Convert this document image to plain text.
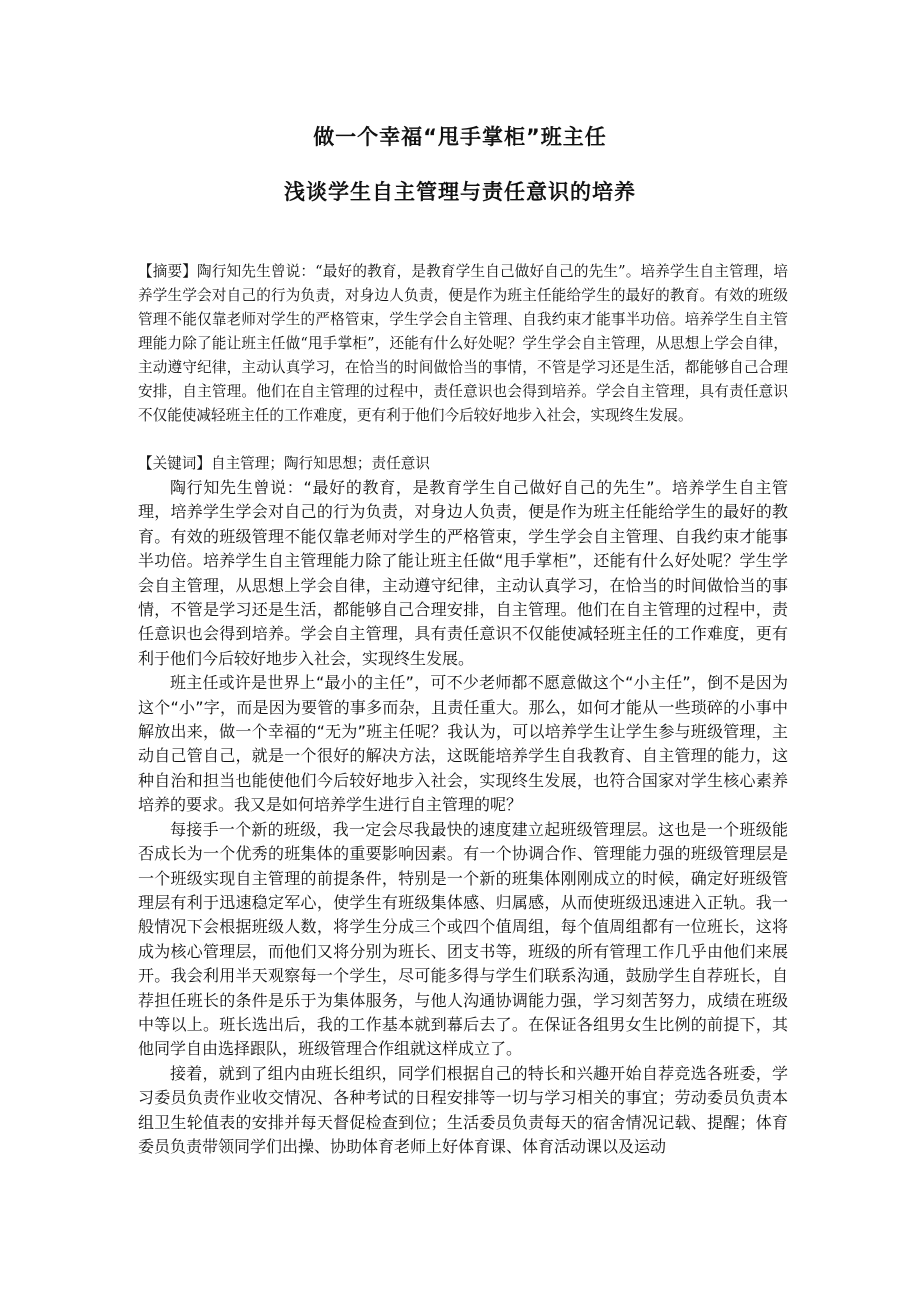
做一个幸福“甩手掌柜”班主任
浅谈学生自主管理与责任意识的培养

【摘要】陶行知先生曾说：“最好的教育，是教育学生自己做好自己的先生”。培养学生自主管理，培养学生学会对自己的行为负责，对身边人负责，便是作为班主任能给学生的最好的教育。有效的班级管理不能仅靠老师对学生的严格管束，学生学会自主管理、自我约束才能事半功倍。培养学生自主管理能力除了能让班主任做“甩手掌柜”，还能有什么好处呢？学生学会自主管理，从思想上学会自律，主动遵守纪律，主动认真学习，在恰当的时间做恰当的事情，不管是学习还是生活，都能够自己合理安排，自主管理。他们在自主管理的过程中，责任意识也会得到培养。学会自主管理，具有责任意识不仅能使减轻班主任的工作难度，更有利于他们今后较好地步入社会，实现终生发展。

【关键词】自主管理；陶行知思想；责任意识

陶行知先生曾说：“最好的教育，是教育学生自己做好自己的先生”。培养学生自主管理，培养学生学会对自己的行为负责，对身边人负责，便是作为班主任能给学生的最好的教育。有效的班级管理不能仅靠老师对学生的严格管束，学生学会自主管理、自我约束才能事半功倍。培养学生自主管理能力除了能让班主任做“甩手掌柜”，还能有什么好处呢？学生学会自主管理，从思想上学会自律，主动遵守纪律，主动认真学习，在恰当的时间做恰当的事情，不管是学习还是生活，都能够自己合理安排，自主管理。他们在自主管理的过程中，责任意识也会得到培养。学会自主管理，具有责任意识不仅能使减轻班主任的工作难度，更有利于他们今后较好地步入社会，实现终生发展。

班主任或许是世界上“最小的主任”，可不少老师都不愿意做这个“小主任”，倒不是因为这个“小”字，而是因为要管的事多而杂，且责任重大。那么，如何才能从一些琐碎的小事中解放出来，做一个幸福的“无为”班主任呢？我认为，可以培养学生让学生参与班级管理，主动自己管自己，就是一个很好的解决方法，这既能培养学生自我教育、自主管理的能力，这种自治和担当也能使他们今后较好地步入社会，实现终生发展，也符合国家对学生核心素养培养的要求。我又是如何培养学生进行自主管理的呢？

每接手一个新的班级，我一定会尽我最快的速度建立起班级管理层。这也是一个班级能否成长为一个优秀的班集体的重要影响因素。有一个协调合作、管理能力强的班级管理层是一个班级实现自主管理的前提条件，特别是一个新的班集体刚刚成立的时候，确定好班级管理层有利于迅速稳定军心，使学生有班级集体感、归属感，从而使班级迅速进入正轨。我一般情况下会根据班级人数，将学生分成三个或四个值周组，每个值周组都有一位班长，这将成为核心管理层，而他们又将分别为班长、团支书等，班级的所有管理工作几乎由他们来展开。我会利用半天观察每一个学生，尽可能多得与学生们联系沟通，鼓励学生自荐班长，自荐担任班长的条件是乐于为集体服务，与他人沟通协调能力强，学习刻苦努力，成绩在班级中等以上。班长选出后，我的工作基本就到幕后去了。在保证各组男女生比例的前提下，其他同学自由选择跟队，班级管理合作组就这样成立了。

接着，就到了组内由班长组织，同学们根据自己的特长和兴趣开始自荐竞选各班委，学习委员负责作业收交情况、各种考试的日程安排等一切与学习相关的事宜；劳动委员负责本组卫生轮值表的安排并每天督促检查到位；生活委员负责每天的宿舍情况记载、提醒；体育委员负责带领同学们出操、协助体育老师上好体育课、体育活动课以及运动
